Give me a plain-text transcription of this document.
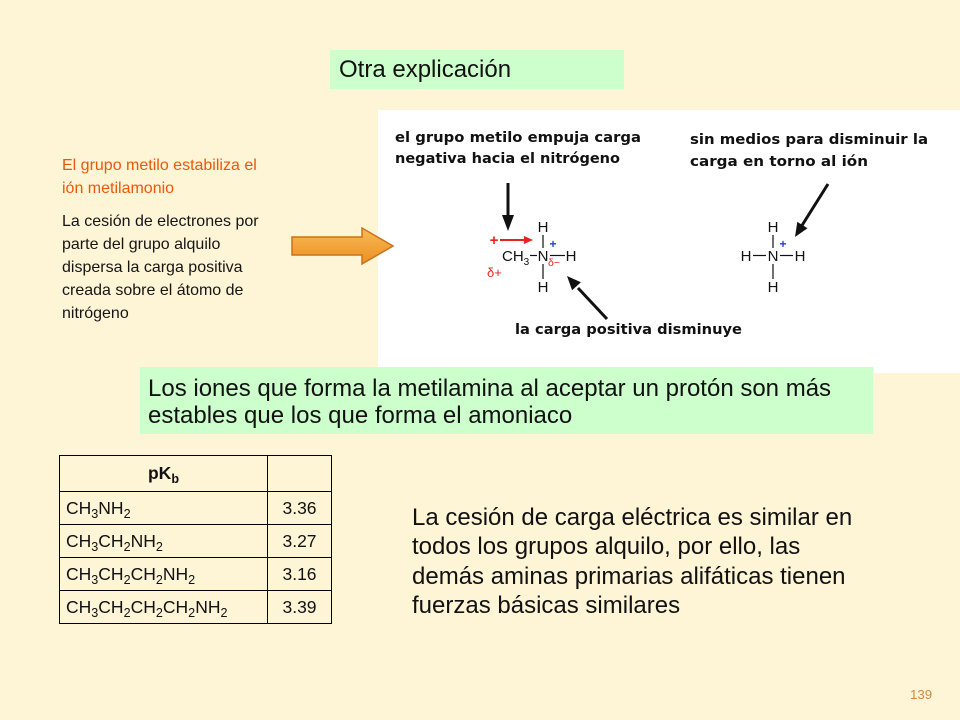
Otra explicación
El grupo metilo estabiliza el
ión metilamonio
La cesión de electrones por
parte del grupo alquilo
dispersa la carga positiva
creada sobre el átomo de
nitrógeno
el grupo metilo empuja carga
negativa hacia el nitrógeno
sin medios para disminuir la
carga en torno al ión
la carga positiva disminuye
H
$CH_3$ N H
H
+
δ+
+
δ−
H
H N H
H
+
Los iones que forma la metilamina al aceptar un protón son más
estables que los que forma el amoniaco
$pK_b$	
$CH_3NH_2$	3.36
$CH_3CH_2NH_2$	3.27
$CH_3CH_2CH_2NH_2$	3.16
$CH_3CH_2CH_2CH_2NH_2$	3.39
La cesión de carga eléctrica es similar en
todos los grupos alquilo, por ello, las
demás aminas primarias alifáticas tienen
fuerzas básicas similares
139
